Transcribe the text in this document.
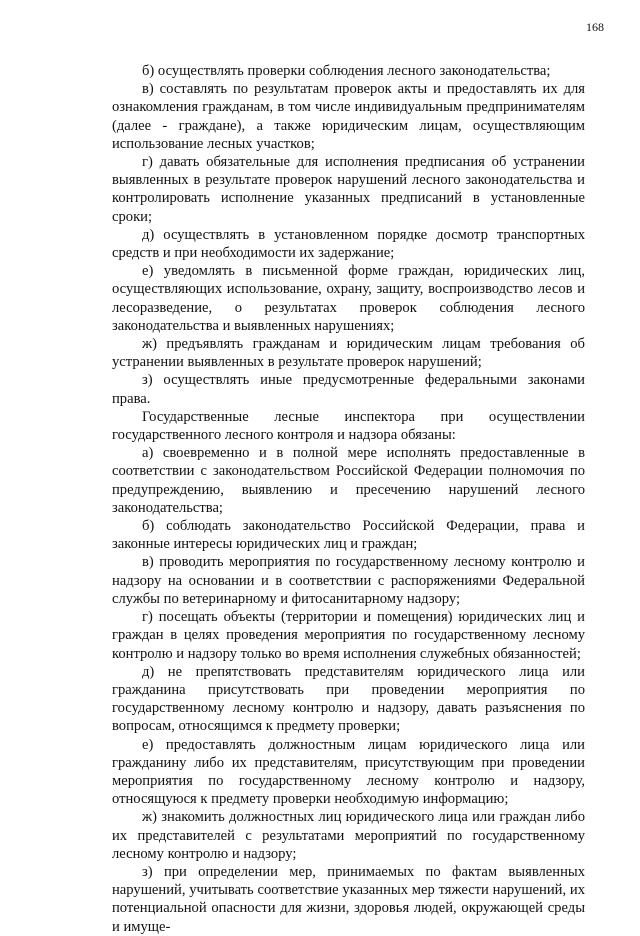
168

б) осуществлять проверки соблюдения лесного законодательства;

в) составлять по результатам проверок акты и предоставлять их для ознакомления гражданам, в том числе индивидуальным предпринимателям (далее - граждане), а также юридическим лицам, осуществляющим использование лесных участков;

г) давать обязательные для исполнения предписания об устранении выявленных в результате проверок нарушений лесного законодательства и контролировать исполнение указанных предписаний в установленные сроки;

д) осуществлять в установленном порядке досмотр транспортных средств и при необходимости их задержание;

е) уведомлять в письменной форме граждан, юридических лиц, осуществляющих использование, охрану, защиту, воспроизводство лесов и лесоразведение, о результатах проверок соблюдения лесного законодательства и выявленных нарушениях;

ж) предъявлять гражданам и юридическим лицам требования об устранении выявленных в результате проверок нарушений;

з) осуществлять иные предусмотренные федеральными законами права.

Государственные лесные инспектора при осуществлении государственного лесного контроля и надзора обязаны:

а) своевременно и в полной мере исполнять предоставленные в соответствии с законодательством Российской Федерации полномочия по предупреждению, выявлению и пресечению нарушений лесного законодательства;

б) соблюдать законодательство Российской Федерации, права и законные интересы юридических лиц и граждан;

в) проводить мероприятия по государственному лесному контролю и надзору на основании и в соответствии с распоряжениями Федеральной службы по ветеринарному и фитосанитарному надзору;

г) посещать объекты (территории и помещения) юридических лиц и граждан в целях проведения мероприятия по государственному лесному контролю и надзору только во время исполнения служебных обязанностей;

д) не препятствовать представителям юридического лица или гражданина присутствовать при проведении мероприятия по государственному лесному контролю и надзору, давать разъяснения по вопросам, относящимся к предмету проверки;

е) предоставлять должностным лицам юридического лица или гражданину либо их представителям, присутствующим при проведении мероприятия по государственному лесному контролю и надзору, относящуюся к предмету проверки необходимую информацию;

ж) знакомить должностных лиц юридического лица или граждан либо их представителей с результатами мероприятий по государственному лесному контролю и надзору;

з) при определении мер, принимаемых по фактам выявленных нарушений, учитывать соответствие указанных мер тяжести нарушений, их потенциальной опасности для жизни, здоровья людей, окружающей среды и имуще-
